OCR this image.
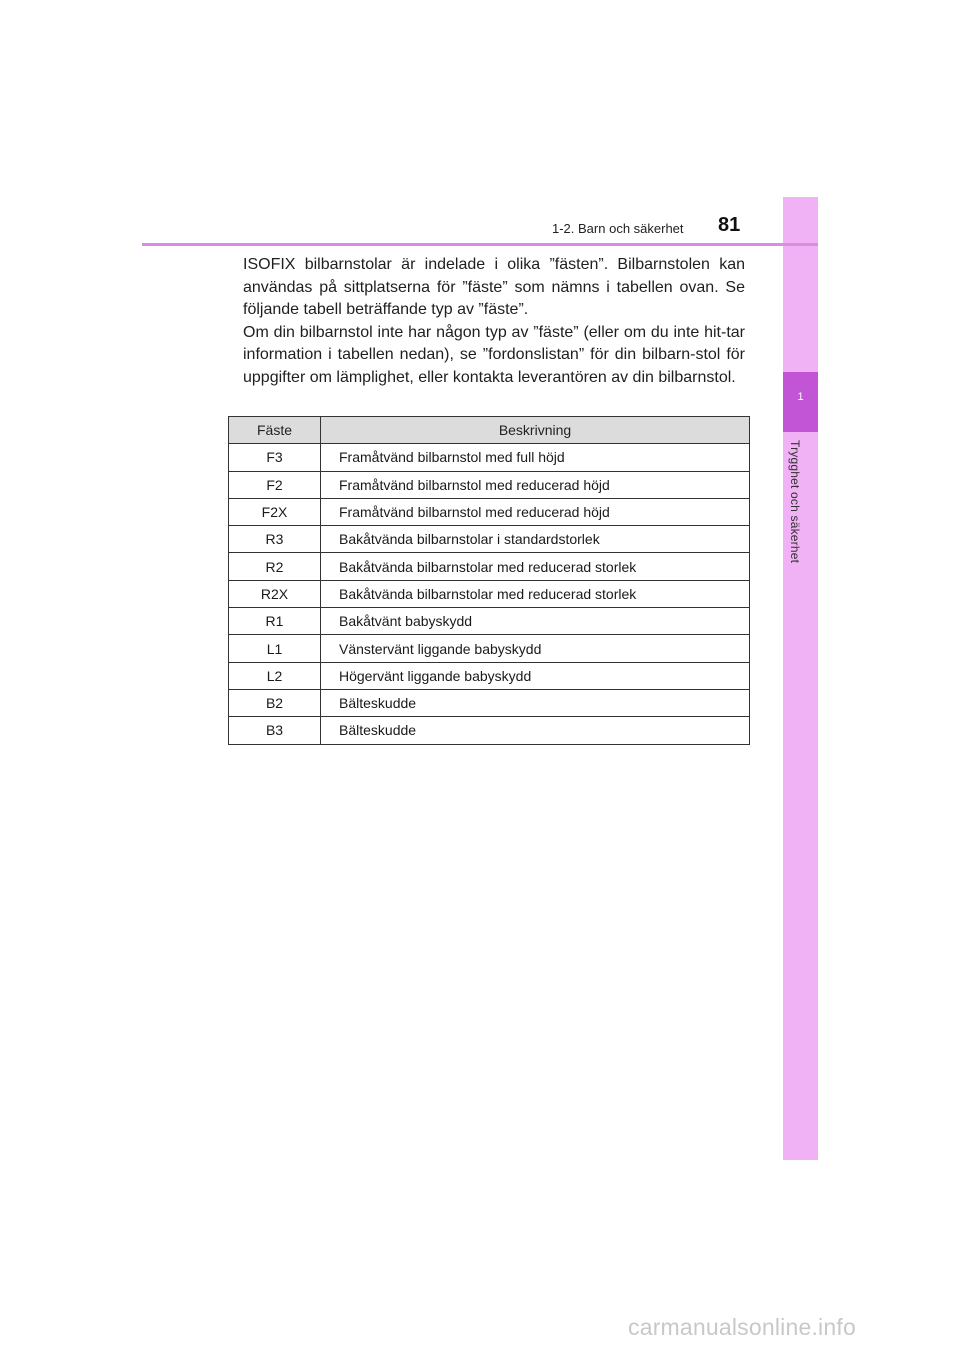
1
Trygghet och säkerhet
1-2. Barn och säkerhet 81

ISOFIX bilbarnstolar är indelade i olika ”fästen”. Bilbarnstolen kan användas på sittplatserna för ”fäste” som nämns i tabellen ovan. Se följande tabell beträffande typ av ”fäste”.

Om din bilbarnstol inte har någon typ av ”fäste” (eller om du inte hit-tar information i tabellen nedan), se ”fordonslistan” för din bilbarn-stol för uppgifter om lämplighet, eller kontakta leverantören av din bilbarnstol.

Fäste	Beskrivning
F3	Framåtvänd bilbarnstol med full höjd
F2	Framåtvänd bilbarnstol med reducerad höjd
F2X	Framåtvänd bilbarnstol med reducerad höjd
R3	Bakåtvända bilbarnstolar i standardstorlek
R2	Bakåtvända bilbarnstolar med reducerad storlek
R2X	Bakåtvända bilbarnstolar med reducerad storlek
R1	Bakåtvänt babyskydd
L1	Vänstervänt liggande babyskydd
L2	Högervänt liggande babyskydd
B2	Bälteskudde
B3	Bälteskudde
carmanualsonline.info
